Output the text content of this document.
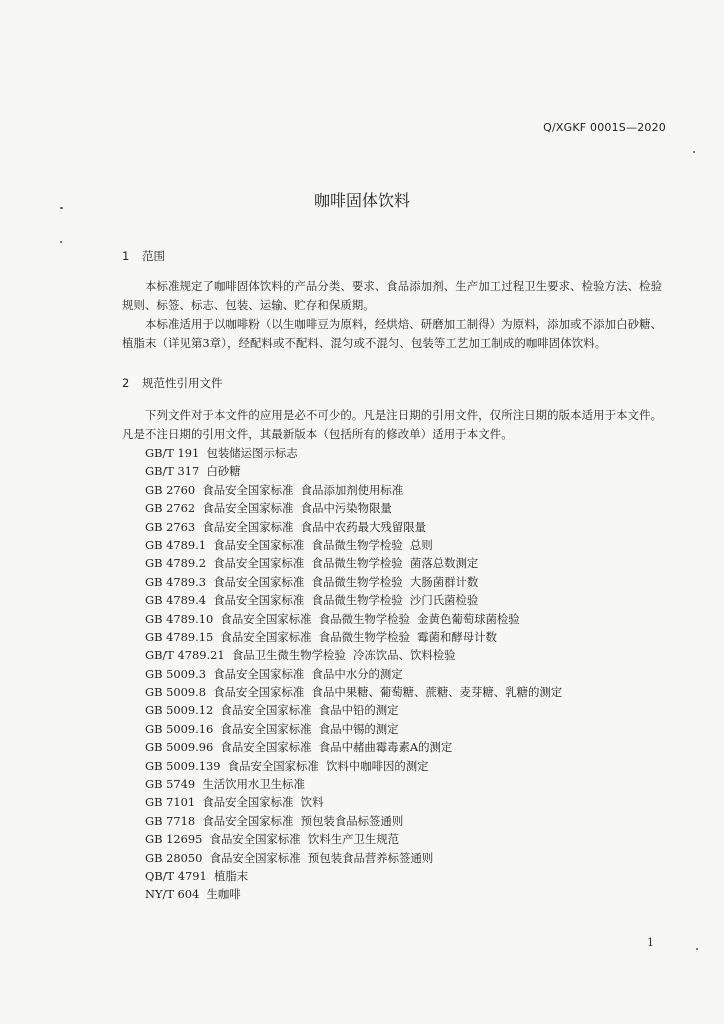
Q/XGKF 0001S—2020
咖啡固体饮料
1 范围

本标准规定了咖啡固体饮料的产品分类、要求、食品添加剂、生产加工过程卫生要求、检验方法、检验规则、标签、标志、包装、运输、贮存和保质期。

本标准适用于以咖啡粉（以生咖啡豆为原料，经烘焙、研磨加工制得）为原料，添加或不添加白砂糖、植脂末（详见第3章），经配料或不配料、混匀或不混匀、包装等工艺加工制成的咖啡固体饮料。

2 规范性引用文件

下列文件对于本文件的应用是必不可少的。凡是注日期的引用文件，仅所注日期的版本适用于本文件。凡是不注日期的引用文件，其最新版本（包括所有的修改单）适用于本文件。

GB/T 191  包装储运图示标志
GB/T 317  白砂糖
GB 2760  食品安全国家标准  食品添加剂使用标准
GB 2762  食品安全国家标准  食品中污染物限量
GB 2763  食品安全国家标准  食品中农药最大残留限量
GB 4789.1  食品安全国家标准  食品微生物学检验  总则
GB 4789.2  食品安全国家标准  食品微生物学检验  菌落总数测定
GB 4789.3  食品安全国家标准  食品微生物学检验  大肠菌群计数
GB 4789.4  食品安全国家标准  食品微生物学检验  沙门氏菌检验
GB 4789.10  食品安全国家标准  食品微生物学检验  金黄色葡萄球菌检验
GB 4789.15  食品安全国家标准  食品微生物学检验  霉菌和酵母计数
GB/T 4789.21  食品卫生微生物学检验  冷冻饮品、饮料检验
GB 5009.3  食品安全国家标准  食品中水分的测定
GB 5009.8  食品安全国家标准  食品中果糖、葡萄糖、蔗糖、麦芽糖、乳糖的测定
GB 5009.12  食品安全国家标准  食品中铅的测定
GB 5009.16  食品安全国家标准  食品中锡的测定
GB 5009.96  食品安全国家标准  食品中赭曲霉毒素A的测定
GB 5009.139  食品安全国家标准  饮料中咖啡因的测定
GB 5749  生活饮用水卫生标准
GB 7101  食品安全国家标准  饮料
GB 7718  食品安全国家标准  预包装食品标签通则
GB 12695  食品安全国家标准  饮料生产卫生规范
GB 28050  食品安全国家标准  预包装食品营养标签通则
QB/T 4791  植脂末
NY/T 604  生咖啡
1
